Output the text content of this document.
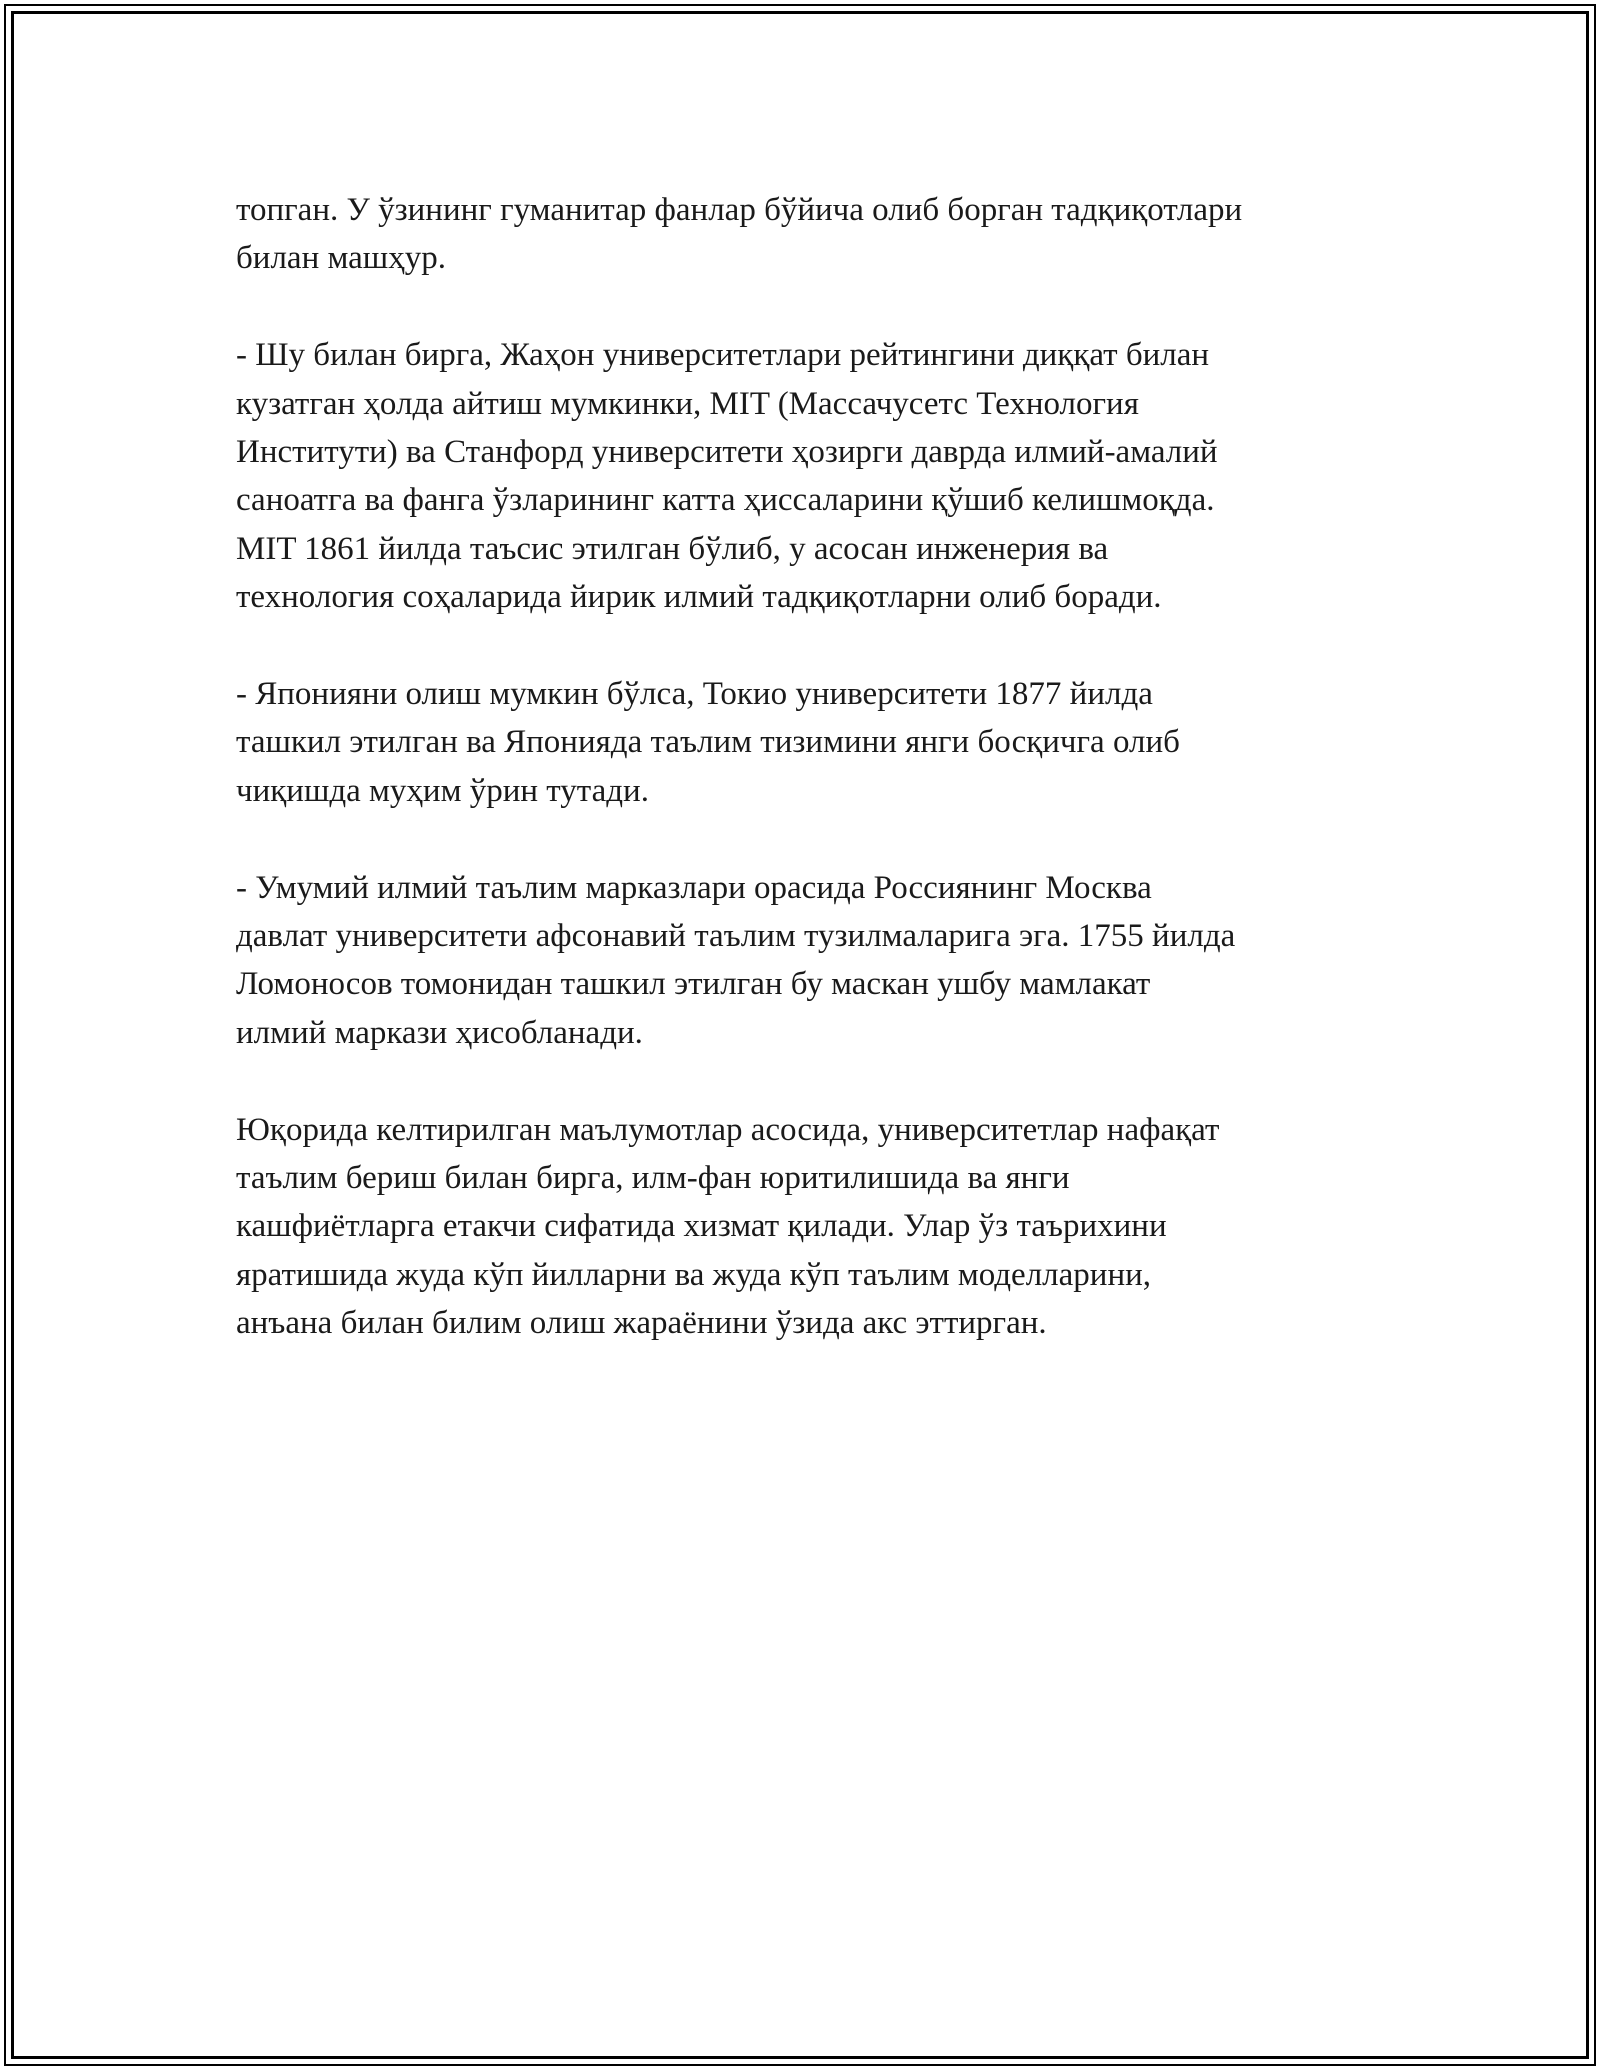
топган. У ўзининг гуманитар фанлар бўйича олиб борган тадқиқотлари
билан машҳур.

- Шу билан бирга, Жаҳон университетлари рейтингини диққат билан
кузатган ҳолда айтиш мумкинки, MIT (Массачусетс Технология
Институти) ва Станфорд университети ҳозирги даврда илмий-амалий
саноатга ва фанга ўзларининг катта ҳиссаларини қўшиб келишмоқда.
MIT 1861 йилда таъсис этилган бўлиб, у асосан инженерия ва
технология соҳаларида йирик илмий тадқиқотларни олиб боради.

- Японияни олиш мумкин бўлса, Токио университети 1877 йилда
ташкил этилган ва Японияда таълим тизимини янги босқичга олиб
чиқишда муҳим ўрин тутади.

- Умумий илмий таълим марказлари орасида Россиянинг Москва
давлат университети афсонавий таълим тузилмаларига эга. 1755 йилда
Ломоносов томонидан ташкил этилган бу маскан ушбу мамлакат
илмий маркази ҳисобланади.

Юқорида келтирилган маълумотлар асосида, университетлар нафақат
таълим бериш билан бирга, илм-фан юритилишида ва янги
кашфиётларга етакчи сифатида хизмат қилади. Улар ўз таърихини
яратишида жуда кўп йилларни ва жуда кўп таълим моделларини,
анъана билан билим олиш жараёнини ўзида акс эттирган.
